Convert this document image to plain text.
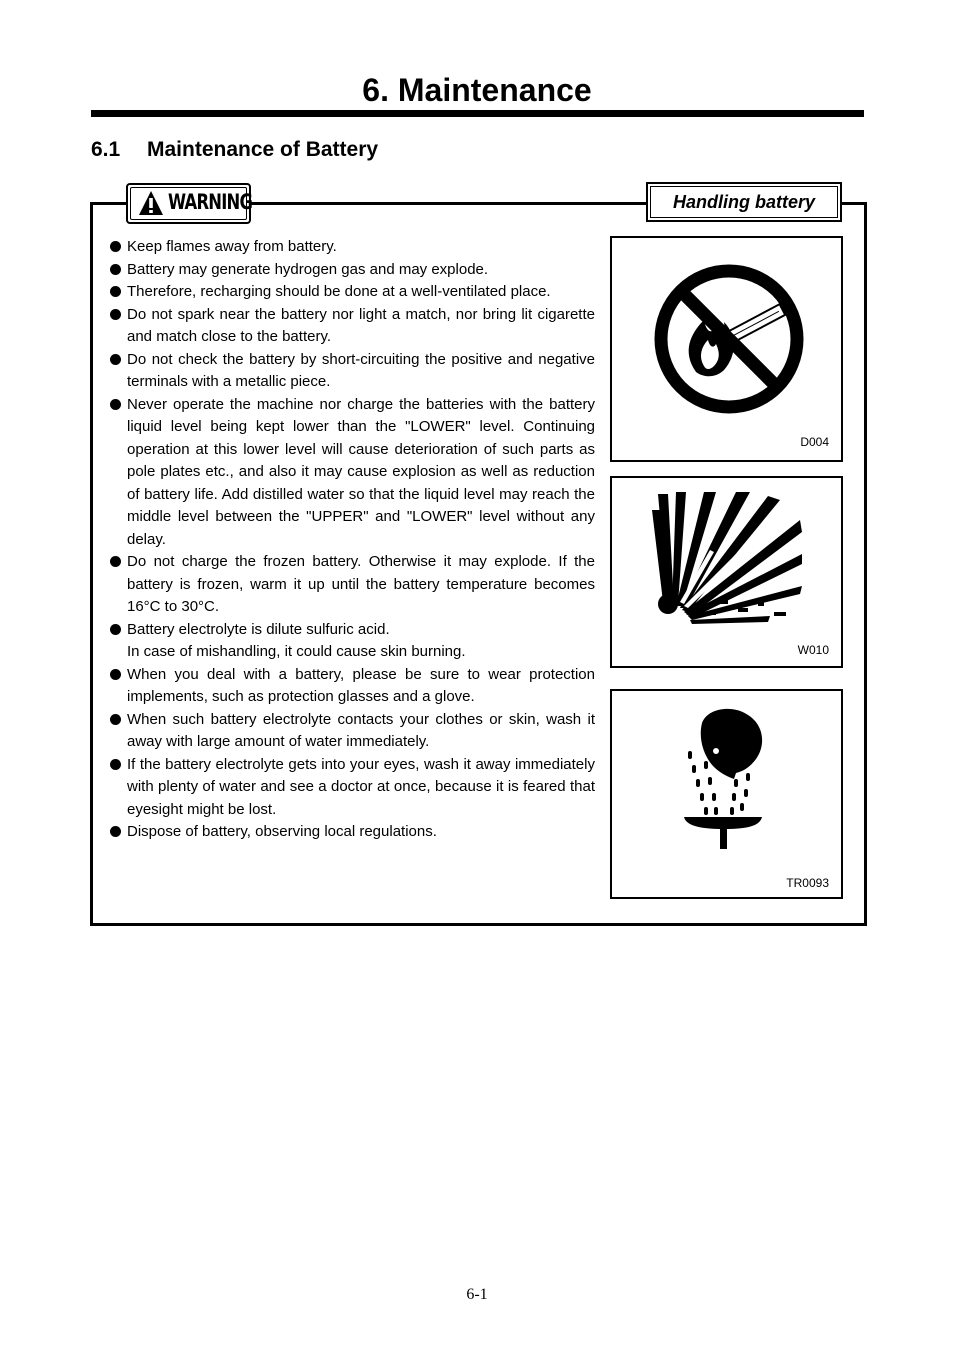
6. Maintenance
6.1 Maintenance of Battery
WARNING	Handling battery
Keep flames away from battery.
Battery may generate hydrogen gas and may explode.
Therefore, recharging should be done at a well-ventilated place.
Do not spark near the battery nor light a match, nor bring lit cigarette and match close to the battery.
Do not check the battery by short-circuiting the positive and negative terminals with a metallic piece.
Never operate the machine nor charge the batteries with the battery liquid level being kept lower than the "LOWER" level. Continuing operation at this lower level will cause deterioration of such parts as pole plates etc., and also it may cause explosion as well as reduction of battery life. Add distilled water so that the liquid level may reach the middle level between the "UPPER" and "LOWER" level without any delay.
Do not charge the frozen battery. Otherwise it may explode. If the battery is frozen, warm it up until the battery temperature becomes 16°C to 30°C.
Battery electrolyte is dilute sulfuric acid.
In case of mishandling, it could cause skin burning.
When you deal with a battery, please be sure to wear protection implements, such as protection glasses and a glove.
When such battery electrolyte contacts your clothes or skin, wash it away with large amount of water immediately.
If the battery electrolyte gets into your eyes, wash it away immediately with plenty of water and see a doctor at once, because it is feared that eyesight might be lost.
Dispose of battery, observing local regulations.
D004
W010
TR0093
6-1
